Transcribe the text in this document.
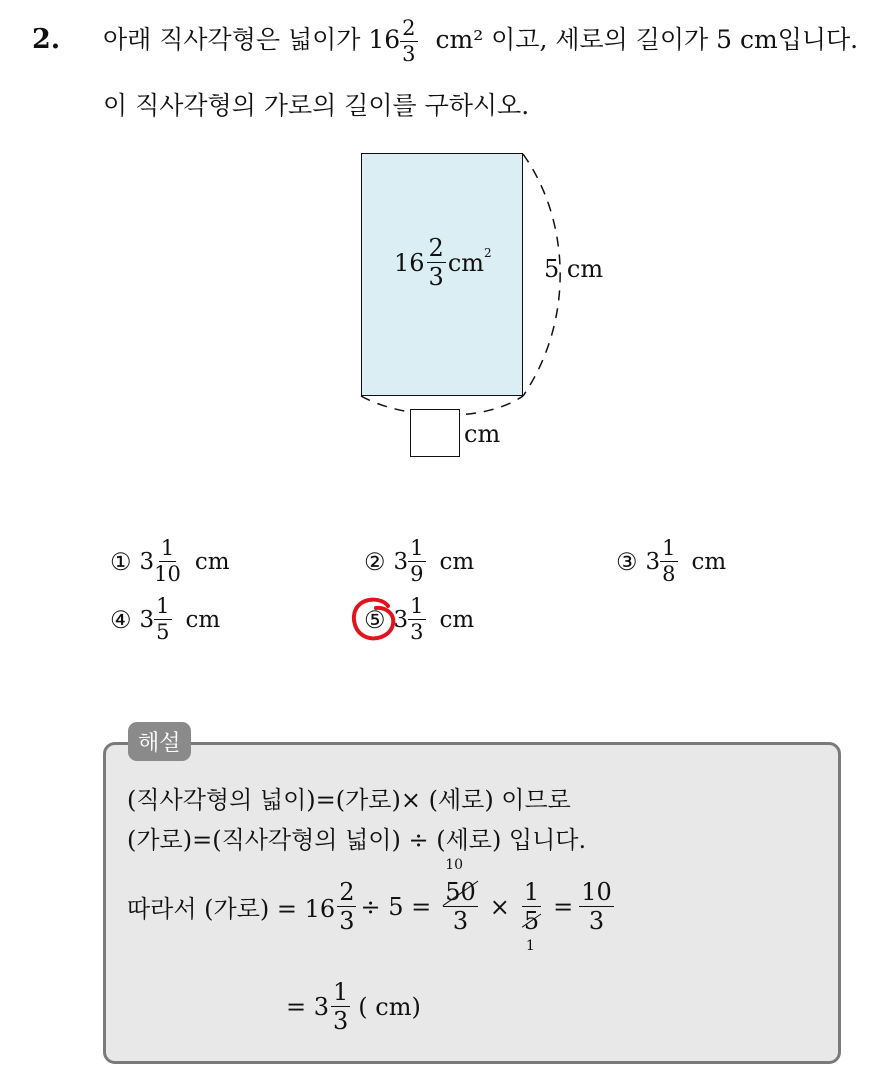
2. 아래 직사각형은 넓이가 $16 \frac{2}{3} cm^2$ 이고, 세로의 길이가 5 cm입니다.
이 직사각형의 가로의 길이를 구하시오.
$16 \frac{2}{3} cm^2$
5 cm
cm
① $3 \frac{1}{10}$ cm	② $3 \frac{1}{9}$ cm	③ $3 \frac{1}{8}$ cm
④ $3 \frac{1}{5}$ cm	⑤ $3 \frac{1}{3}$ cm
해설
(직사각형의 넓이)=(가로)× (세로) 이므로
(가로)=(직사각형의 넓이) ÷ (세로) 입니다.
따라서 (가로) = $16 \frac{2}{3} \div 5$ =
10
50
3
×
1
5
1
= $\frac{10}{3}$
= $3 \frac{1}{3}$ ( cm)
